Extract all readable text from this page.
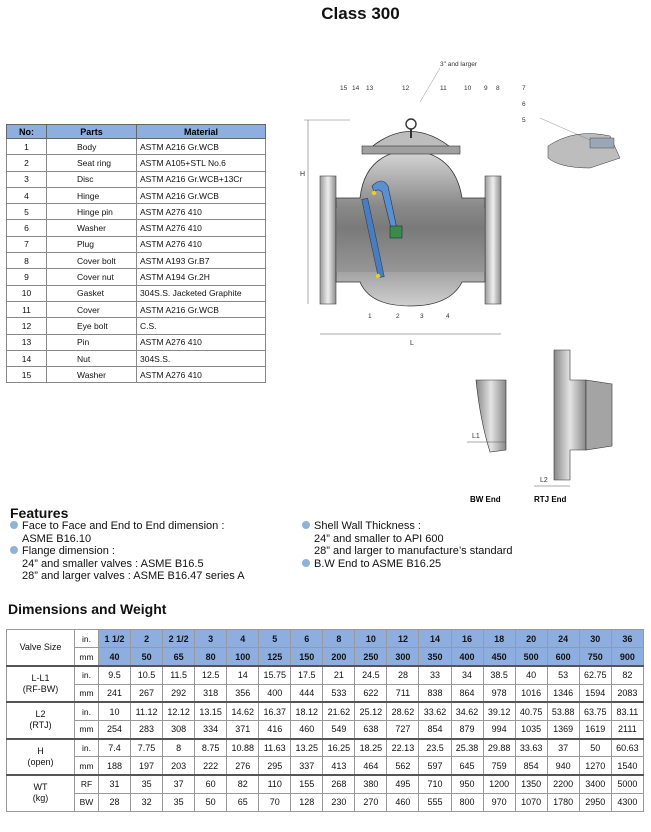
Class 300
No:	Parts	Material
1	Body	ASTM A216 Gr.WCB
2	Seat ring	ASTM A105+STL No.6
3	Disc	ASTM A216 Gr.WCB+13Cr
4	Hinge	ASTM A216 Gr.WCB
5	Hinge pin	ASTM A276 410
6	Washer	ASTM A276 410
7	Plug	ASTM A276 410
8	Cover bolt	ASTM A193 Gr.B7
9	Cover nut	ASTM A194 Gr.2H
10	Gasket	304S.S. Jacketed Graphite
11	Cover	ASTM A216 Gr.WCB
12	Eye bolt	C.S.
13	Pin	ASTM A276 410
14	Nut	304S.S.
15	Washer	ASTM A276 410
H
L
3" and larger
15 14 13	12	11	10 9 8	7
6
5
1	2	3	4
L1
L2
BW End	RTJ End
Features
Face to Face and End to End dimension :
ASME B16.10
Flange dimension :
24” and smaller valves : ASME B16.5
28” and larger valves : ASME B16.47 series A
Shell Wall Thickness :
24” and smaller to API 600
28” and larger to manufacture’s standard
B.W End to ASME B16.25
Dimensions and Weight
Valve Size	in.	1 1/2	2	2 1/2	3	4	5	6	8	10	12	14	16	18	20	24	30	36
	mm	40	50	65	80	100	125	150	200	250	300	350	400	450	500	600	750	900

L-L1
(RF-BW)	in.	9.5	10.5	11.5	12.5	14	15.75	17.5	21	24.5	28	33	34	38.5	40	53	62.75	82
	mm	241	267	292	318	356	400	444	533	622	711	838	864	978	1016	1346	1594	2083

L2
(RTJ)	in.	10	11.12	12.12	13.15	14.62	16.37	18.12	21.62	25.12	28.62	33.62	34.62	39.12	40.75	53.88	63.75	83.11
	mm	254	283	308	334	371	416	460	549	638	727	854	879	994	1035	1369	1619	2111

H
(open)	in.	7.4	7.75	8	8.75	10.88	11.63	13.25	16.25	18.25	22.13	23.5	25.38	29.88	33.63	37	50	60.63
	mm	188	197	203	222	276	295	337	413	464	562	597	645	759	854	940	1270	1540

WT
(kg)	RF	31	35	37	60	82	110	155	268	380	495	710	950	1200	1350	2200	3400	5000
	BW	28	32	35	50	65	70	128	230	270	460	555	800	970	1070	1780	2950	4300
